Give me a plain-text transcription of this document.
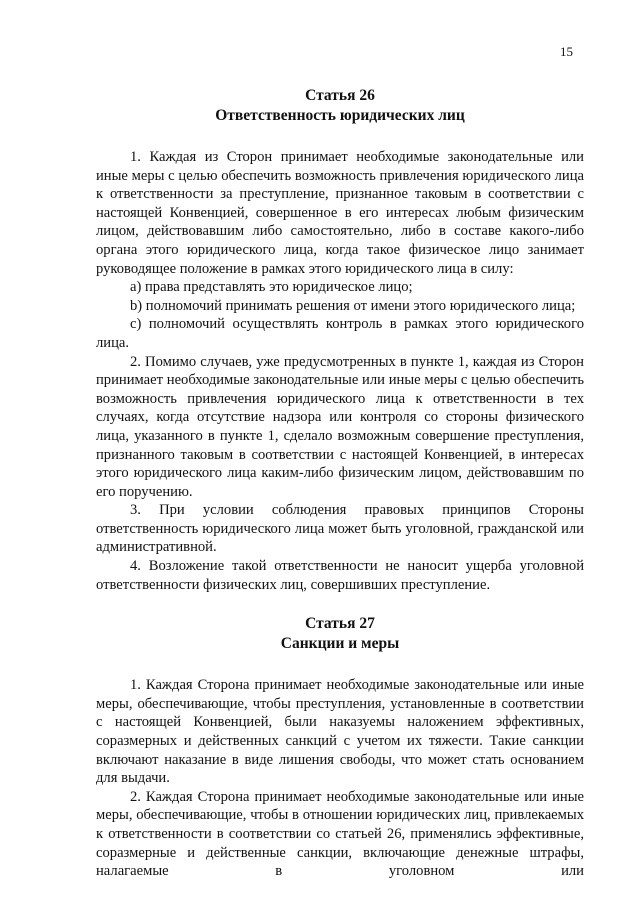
15
Статья 26
Ответственность юридических лиц

1. Каждая из Сторон принимает необходимые законодательные или иные меры с целью обеспечить возможность привлечения юридического лица к ответственности за преступление, признанное таковым в соответствии с настоящей Конвенцией, совершенное в его интересах любым физическим лицом, действовавшим либо самостоятельно, либо в составе какого-либо органа этого юридического лица, когда такое физическое лицо занимает руководящее положение в рамках этого юридического лица в силу:

a) права представлять это юридическое лицо;

b) полномочий принимать решения от имени этого юридического лица;

c) полномочий осуществлять контроль в рамках этого юридического лица.

2. Помимо случаев, уже предусмотренных в пункте 1, каждая из Сторон принимает необходимые законодательные или иные меры с целью обеспечить возможность привлечения юридического лица к ответственности в тех случаях, когда отсутствие надзора или контроля со стороны физического лица, указанного в пункте 1, сделало возможным совершение преступления, признанного таковым в соответствии с настоящей Конвенцией, в интересах этого юридического лица каким-либо физическим лицом, действовавшим по его поручению.

3. При условии соблюдения правовых принципов Стороны ответственность юридического лица может быть уголовной, гражданской или административной.

4. Возложение такой ответственности не наносит ущерба уголовной ответственности физических лиц, совершивших преступление.

Статья 27
Санкции и меры

1. Каждая Сторона принимает необходимые законодательные или иные меры, обеспечивающие, чтобы преступления, установленные в соответствии с настоящей Конвенцией, были наказуемы наложением эффективных, соразмерных и действенных санкций с учетом их тяжести. Такие санкции включают наказание в виде лишения свободы, что может стать основанием для выдачи.

2. Каждая Сторона принимает необходимые законодательные или иные меры, обеспечивающие, чтобы в отношении юридических лиц, привлекаемых к ответственности в соответствии со статьей 26, применялись эффективные, соразмерные и действенные санкции, включающие денежные штрафы, налагаемые в уголовном или
